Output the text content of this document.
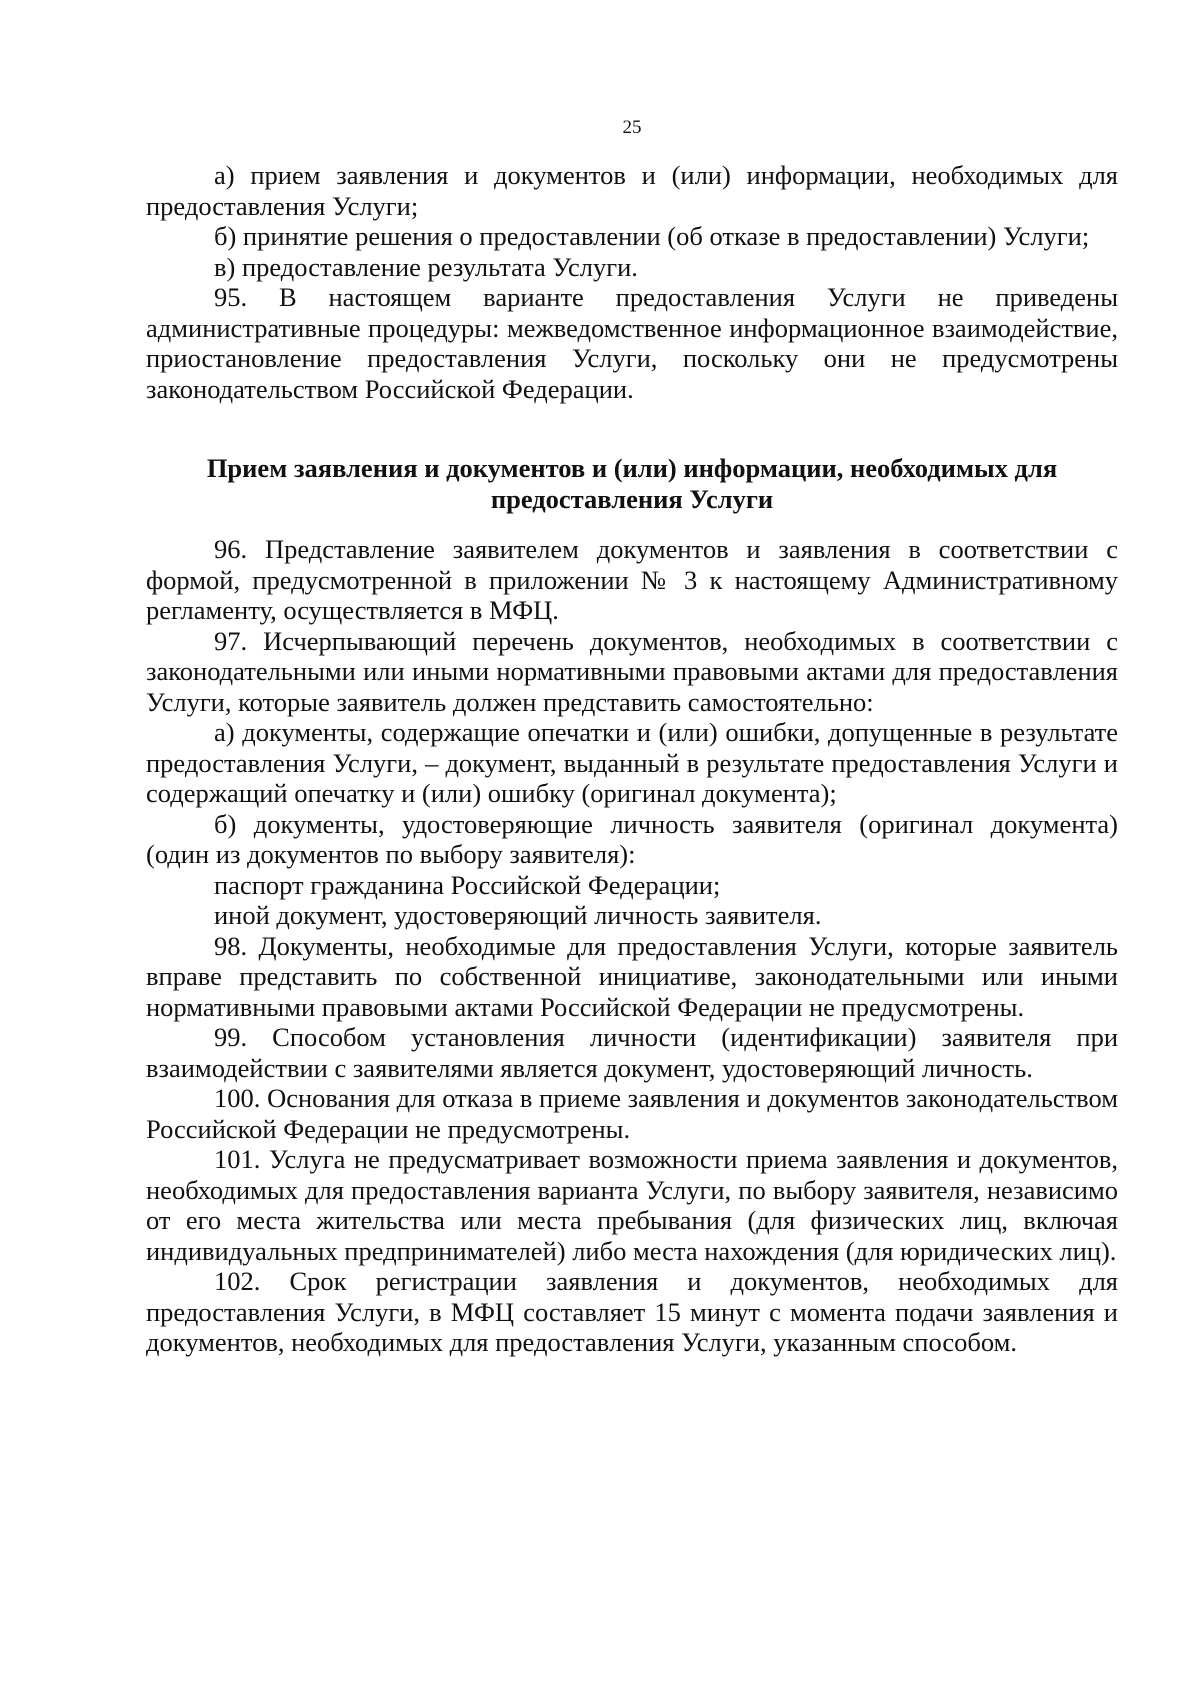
25

а) прием заявления и документов и (или) информации, необходимых для предоставления Услуги;

б) принятие решения о предоставлении (об отказе в предоставлении) Услуги;

в) предоставление результата Услуги.

95. В настоящем варианте предоставления Услуги не приведены административные процедуры: межведомственное информационное взаимодействие, приостановление предоставления Услуги, поскольку они не предусмотрены законодательством Российской Федерации.

Прием заявления и документов и (или) информации, необходимых для
предоставления Услуги

96. Представление заявителем документов и заявления в соответствии с формой, предусмотренной в приложении № 3 к настоящему Административному регламенту, осуществляется в МФЦ.

97. Исчерпывающий перечень документов, необходимых в соответствии с законодательными или иными нормативными правовыми актами для предоставления Услуги, которые заявитель должен представить самостоятельно:

а) документы, содержащие опечатки и (или) ошибки, допущенные в результате предоставления Услуги, – документ, выданный в результате предоставления Услуги и содержащий опечатку и (или) ошибку (оригинал документа);

б) документы, удостоверяющие личность заявителя (оригинал документа) (один из документов по выбору заявителя):

паспорт гражданина Российской Федерации;

иной документ, удостоверяющий личность заявителя.

98. Документы, необходимые для предоставления Услуги, которые заявитель вправе представить по собственной инициативе, законодательными или иными нормативными правовыми актами Российской Федерации не предусмотрены.

99. Способом установления личности (идентификации) заявителя при взаимодействии с заявителями является документ, удостоверяющий личность.

100. Основания для отказа в приеме заявления и документов законодательством Российской Федерации не предусмотрены.

101. Услуга не предусматривает возможности приема заявления и документов, необходимых для предоставления варианта Услуги, по выбору заявителя, независимо от его места жительства или места пребывания (для физических лиц, включая индивидуальных предпринимателей) либо места нахождения (для юридических лиц).

102. Срок регистрации заявления и документов, необходимых для предоставления Услуги, в МФЦ составляет 15 минут с момента подачи заявления и документов, необходимых для предоставления Услуги, указанным способом.
